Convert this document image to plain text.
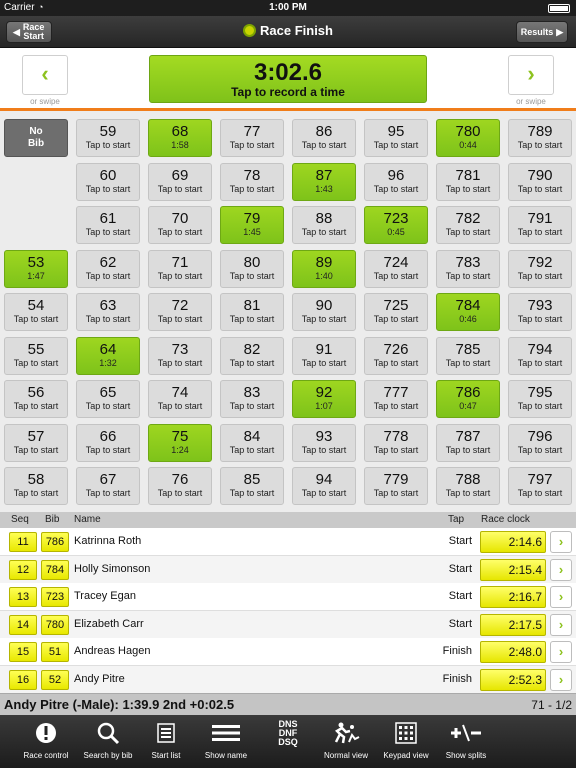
Carrier ◔	1:00 PM
◀ Race
Start	Race Finish	Results ▶
‹
or swipe
3:02.6
Tap to record a time
›
or swipe
No
Bib
53
1:47
54
Tap to start
55
Tap to start
56
Tap to start
57
Tap to start
58
Tap to start
59
Tap to start
60
Tap to start
61
Tap to start
62
Tap to start
63
Tap to start
64
1:32
65
Tap to start
66
Tap to start
67
Tap to start
68
1:58
69
Tap to start
70
Tap to start
71
Tap to start
72
Tap to start
73
Tap to start
74
Tap to start
75
1:24
76
Tap to start
77
Tap to start
78
Tap to start
79
1:45
80
Tap to start
81
Tap to start
82
Tap to start
83
Tap to start
84
Tap to start
85
Tap to start
86
Tap to start
87
1:43
88
Tap to start
89
1:40
90
Tap to start
91
Tap to start
92
1:07
93
Tap to start
94
Tap to start
95
Tap to start
96
Tap to start
723
0:45
724
Tap to start
725
Tap to start
726
Tap to start
777
Tap to start
778
Tap to start
779
Tap to start
780
0:44
781
Tap to start
782
Tap to start
783
Tap to start
784
0:46
785
Tap to start
786
0:47
787
Tap to start
788
Tap to start
789
Tap to start
790
Tap to start
791
Tap to start
792
Tap to start
793
Tap to start
794
Tap to start
795
Tap to start
796
Tap to start
797
Tap to start
Seq Bib Name	Tap Race clock
11	786 Katrinna Roth	Start	2:14.6	›
12	784 Holly Simonson	Start	2:15.4	›
13	723 Tracey Egan	Start	2:16.7	›
14	780 Elizabeth Carr	Start	2:17.5	›
15	51	Andreas Hagen	Finish	2:48.0	›
16	52	Andy Pitre	Finish	2:52.3	›
Andy Pitre (-Male): 1:39.9 2nd +0:02.5	71 - 1/2
Race control	Search by bib	Start list	Show name
DNS
DNF
DSQ
Normal view	Keypad view	Show splits
